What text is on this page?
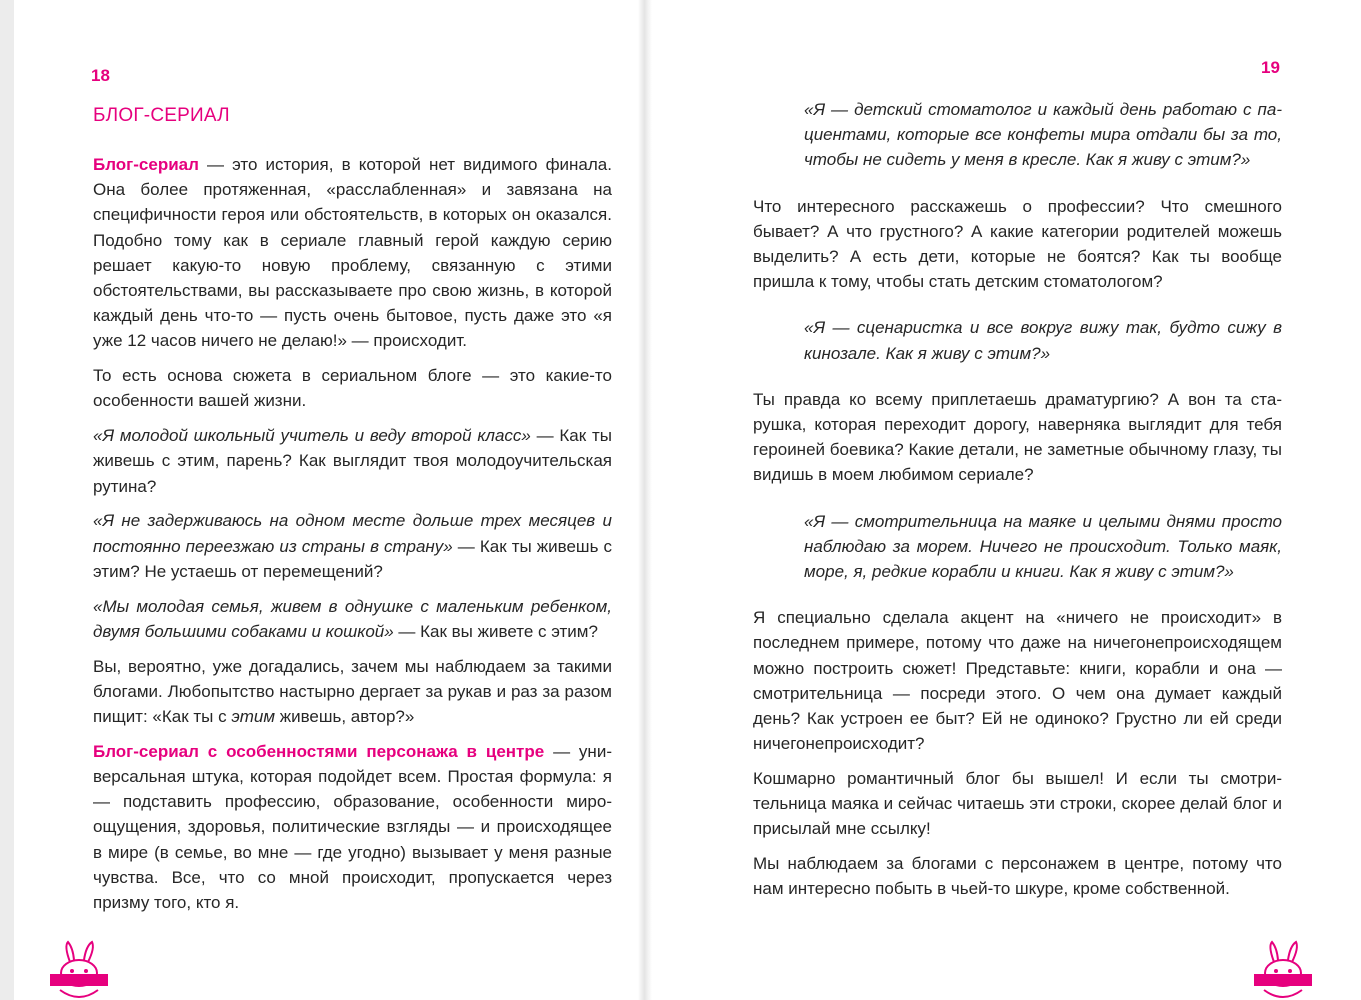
18
БЛОГ-СЕРИАЛ

Блог-сериал — это история, в которой нет видимого финала. Она более протяженная, «расслабленная» и завязана на специфичности героя или обстоятельств, в которых он оказался. Подобно тому как в сериале главный герой каждую серию решает какую-то новую проблему, связанную с этими обстоятельствами, вы рассказываете про свою жизнь, в которой каждый день что-то — пусть очень бытовое, пусть даже это «я уже 12 часов ничего не делаю!» — происходит.

То есть основа сюжета в сериальном блоге — это какие-то особенности вашей жизни.

«Я молодой школьный учитель и веду второй класс» — Как ты живешь с этим, парень? Как выглядит твоя молодоучительская рутина?

«Я не задерживаюсь на одном месте дольше трех месяцев и постоянно переезжаю из страны в страну» — Как ты живешь с этим? Не устаешь от перемещений?

«Мы молодая семья, живем в однушке с маленьким ребенком, двумя большими собаками и кошкой» — Как вы живете с этим?

Вы, вероятно, уже догадались, зачем мы наблюдаем за такими блогами. Любопытство настырно дергает за рукав и раз за разом пищит: «Как ты с этим живешь, автор?»

Блог-сериал с особенностями персонажа в центре — универсальная штука, которая подойдет всем. Простая формула: я — подставить профессию, образование, особенности мироощущения, здоровья, политические взгляды — и происходящее в мире (в семье, во мне — где угодно) вызывает у меня разные чувства. Все, что со мной происходит, пропускается через призму того, кто я.

19

«Я — детский стоматолог и каждый день работаю с пациентами, которые все конфеты мира отдали бы за то, чтобы не сидеть у меня в кресле. Как я живу с этим?»

Что интересного расскажешь о профессии? Что смешного бывает? А что грустного? А какие категории родителей можешь выделить? А есть дети, которые не боятся? Как ты вообще пришла к тому, чтобы стать детским стоматологом?

«Я — сценаристка и все вокруг вижу так, будто сижу в кинозале. Как я живу с этим?»

Ты правда ко всему приплетаешь драматургию? А вон та старушка, которая переходит дорогу, наверняка выглядит для тебя героиней боевика? Какие детали, не заметные обычному глазу, ты видишь в моем любимом сериале?

«Я — смотрительница на маяке и целыми днями просто наблюдаю за морем. Ничего не происходит. Только маяк, море, я, редкие корабли и книги. Как я живу с этим?»

Я специально сделала акцент на «ничего не происходит» в последнем примере, потому что даже на ничегонепроисходящем можно построить сюжет! Представьте: книги, корабли и она — смотрительница — посреди этого. О чем она думает каждый день? Как устроен ее быт? Ей не одиноко? Грустно ли ей среди ничегонепроисходит?

Кошмарно романтичный блог бы вышел! И если ты смотрительница маяка и сейчас читаешь эти строки, скорее делай блог и присылай мне ссылку!

Мы наблюдаем за блогами с персонажем в центре, потому что нам интересно побыть в чьей-то шкуре, кроме собственной.
